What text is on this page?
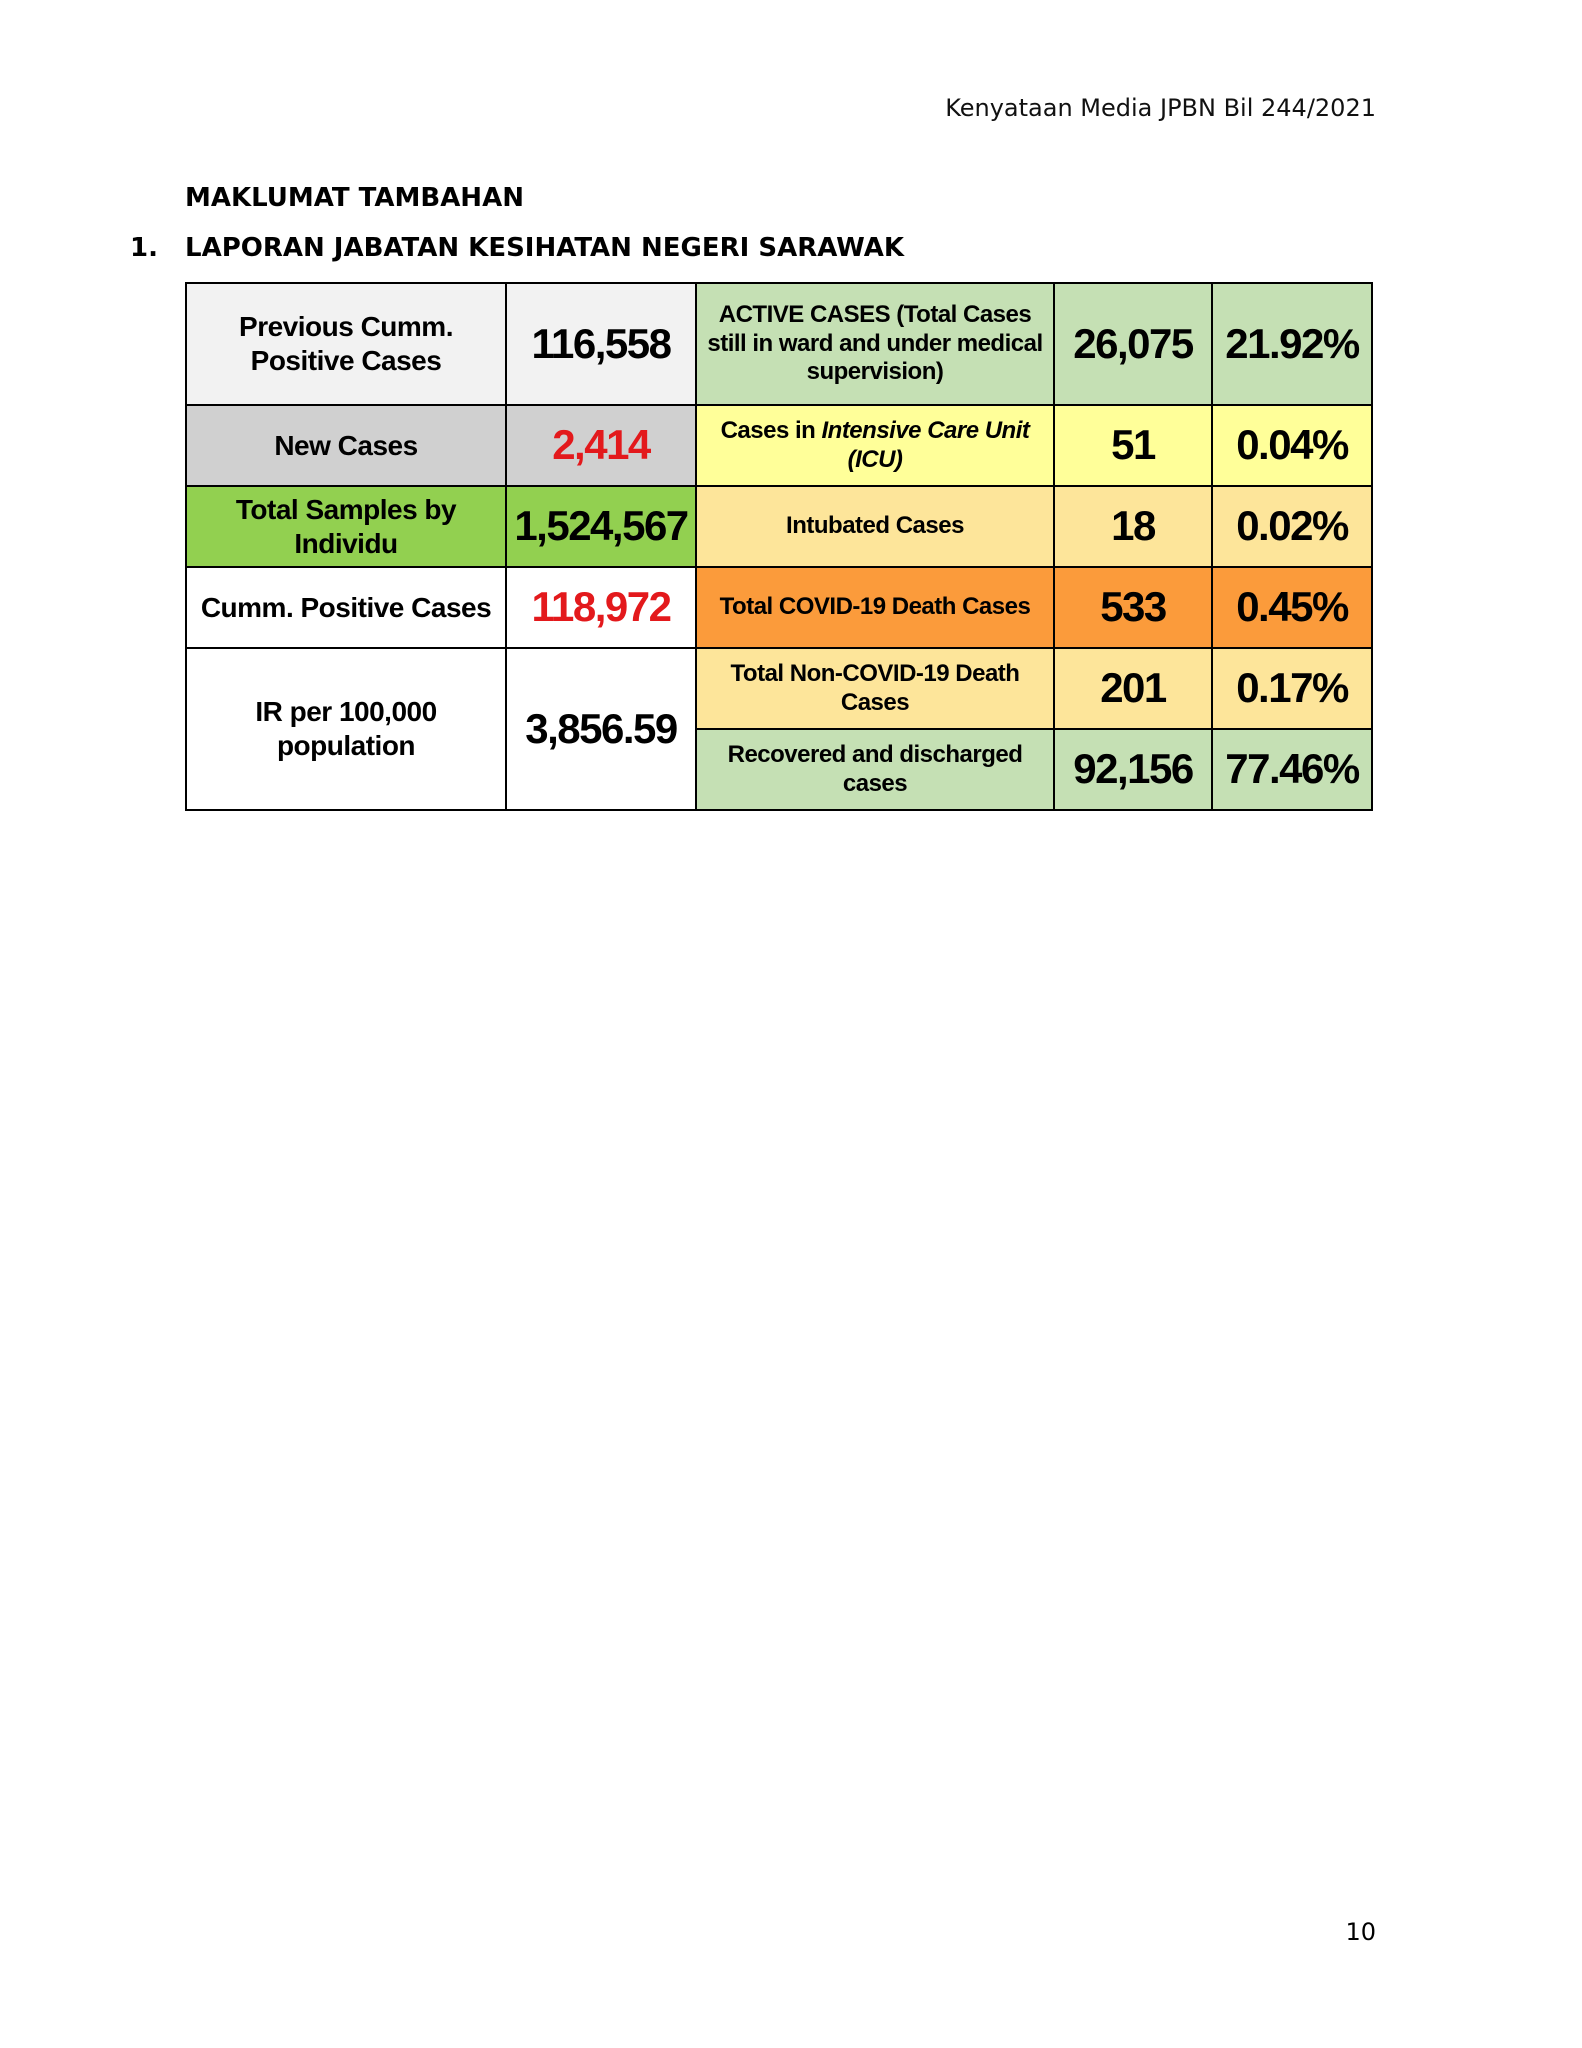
Kenyataan Media JPBN Bil 244/2021
MAKLUMAT TAMBAHAN
1.	LAPORAN JABATAN KESIHATAN NEGERI SARAWAK
Previous Cumm. Positive Cases	116,558	ACTIVE CASES (Total Cases still in ward and under medical supervision)	26,075	21.92%
New Cases	2,414	Cases in Intensive Care Unit (ICU)	51	0.04%
Total Samples by Individu	1,524,567	Intubated Cases	18	0.02%
Cumm. Positive Cases	118,972	Total COVID-19 Death Cases	533	0.45%
IR per 100,000 population	3,856.59	Total Non-COVID-19 Death Cases	201	0.17%
		Recovered and discharged cases	92,156	77.46%
10
